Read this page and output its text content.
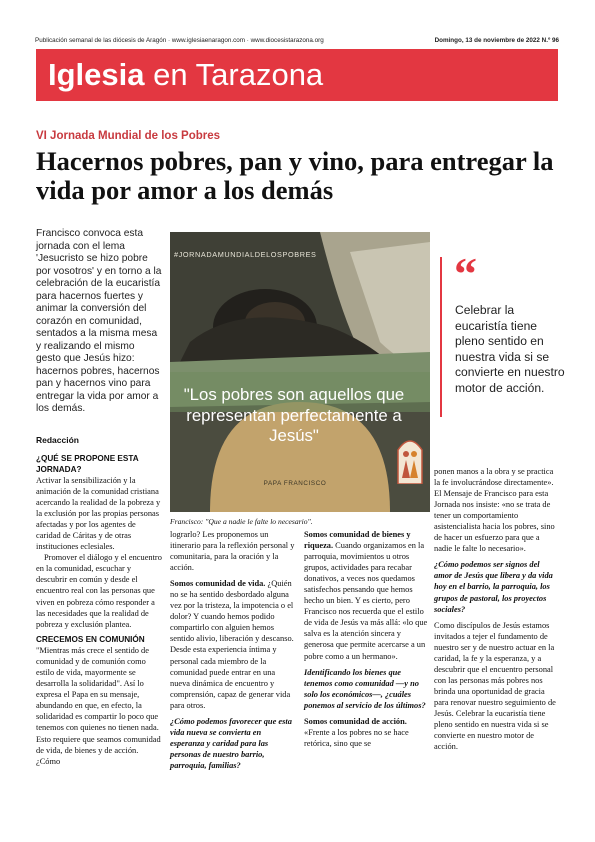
Publicación semanal de las diócesis de Aragón · www.iglesiaenaragon.com · www.diocesistarazona.org	Domingo, 13 de noviembre de 2022 N.º 96
Iglesia en Tarazona
VI Jornada Mundial de los Pobres
Hacernos pobres, pan y vino, para entregar la vida por amor a los demás

Francisco convoca esta jornada con el lema 'Jesucristo se hizo pobre por vosotros' y en torno a la celebración de la eucaristía para hacernos fuertes y animar la conversión del corazón en comunidad, sentados a la misma mesa y realizando el mismo gesto que Jesús hizo: hacernos pobres, hacernos pan y hacernos vino para entregar la vida por amor a los demás.

Redacción
#JORNADAMUNDIALDELOSPOBRES
"Los pobres son aquellos que representan perfectamente a Jesús"
PAPA FRANCISCO
Francisco: "Que a nadie le falte lo necesario".
“
Celebrar la eucaristía tiene pleno sentido en nuestra vida si se convierte en nuestro motor de acción.

¿QUÉ SE PROPONE ESTA JORNADA?

Activar la sensibilización y la animación de la comunidad cristiana acercando la realidad de la pobreza y la exclusión por las propias personas afectadas y por los agentes de caridad de Cáritas y de otras instituciones eclesiales.

Promover el diálogo y el encuentro en la comunidad, escuchar y descubrir en común y desde el encuentro real con las personas que viven en pobreza cómo responder a las necesidades que la realidad de pobreza y exclusión plantea.

CRECEMOS EN COMUNIÓN

"Mientras más crece el sentido de comunidad y de comunión como estilo de vida, mayormente se desarrolla la solidaridad". Así lo expresa el Papa en su mensaje, abundando en que, en efecto, la solidaridad es compartir lo poco que tenemos con quienes no tienen nada. Esto requiere que seamos comunidad de vida, de bienes y de acción. ¿Cómo

lograrlo? Les proponemos un itinerario para la reflexión personal y comunitaria, para la oración y la acción.

Somos comunidad de vida. ¿Quién no se ha sentido desbordado alguna vez por la tristeza, la impotencia o el dolor? Y cuando hemos podido compartirlo con alguien hemos sentido alivio, liberación y descanso. Desde esta experiencia íntima y personal cada miembro de la comunidad puede entrar en una nueva dinámica de encuentro y comprensión, capaz de generar vida para otros.

¿Cómo podemos favorecer que esta vida nueva se convierta en esperanza y caridad para las personas de nuestro barrio, parroquia, familias?

Somos comunidad de bienes y riqueza. Cuando organizamos en la parroquia, movimientos u otros grupos, actividades para recabar donativos, a veces nos quedamos satisfechos pensando que hemos hecho un bien. Y es cierto, pero Francisco nos recuerda que el estilo de vida de Jesús va más allá: «lo que salva es la atención sincera y generosa que permite acercarse a un pobre como a un hermano».

Identificando los bienes que tenemos como comunidad —y no solo los económicos—, ¿cuáles ponemos al servicio de los últimos?

Somos comunidad de acción. «Frente a los pobres no se hace retórica, sino que se

ponen manos a la obra y se practica la fe involucrándose directamente». El Mensaje de Francisco para esta Jornada nos insiste: «no se trata de tener un comportamiento asistencialista hacia los pobres, sino de hacer un esfuerzo para que a nadie le falte lo necesario».

¿Cómo podemos ser signos del amor de Jesús que libera y da vida hoy en el barrio, la parroquia, los grupos de pastoral, los proyectos sociales?

Como discípulos de Jesús estamos invitados a tejer el fundamento de nuestro ser y de nuestro actuar en la caridad, la fe y la esperanza, y a descubrir que el encuentro personal con las personas más pobres nos brinda una oportunidad de gracia para renovar nuestro seguimiento de Jesús. Celebrar la eucaristía tiene pleno sentido en nuestra vida si se convierte en nuestro motor de acción.
